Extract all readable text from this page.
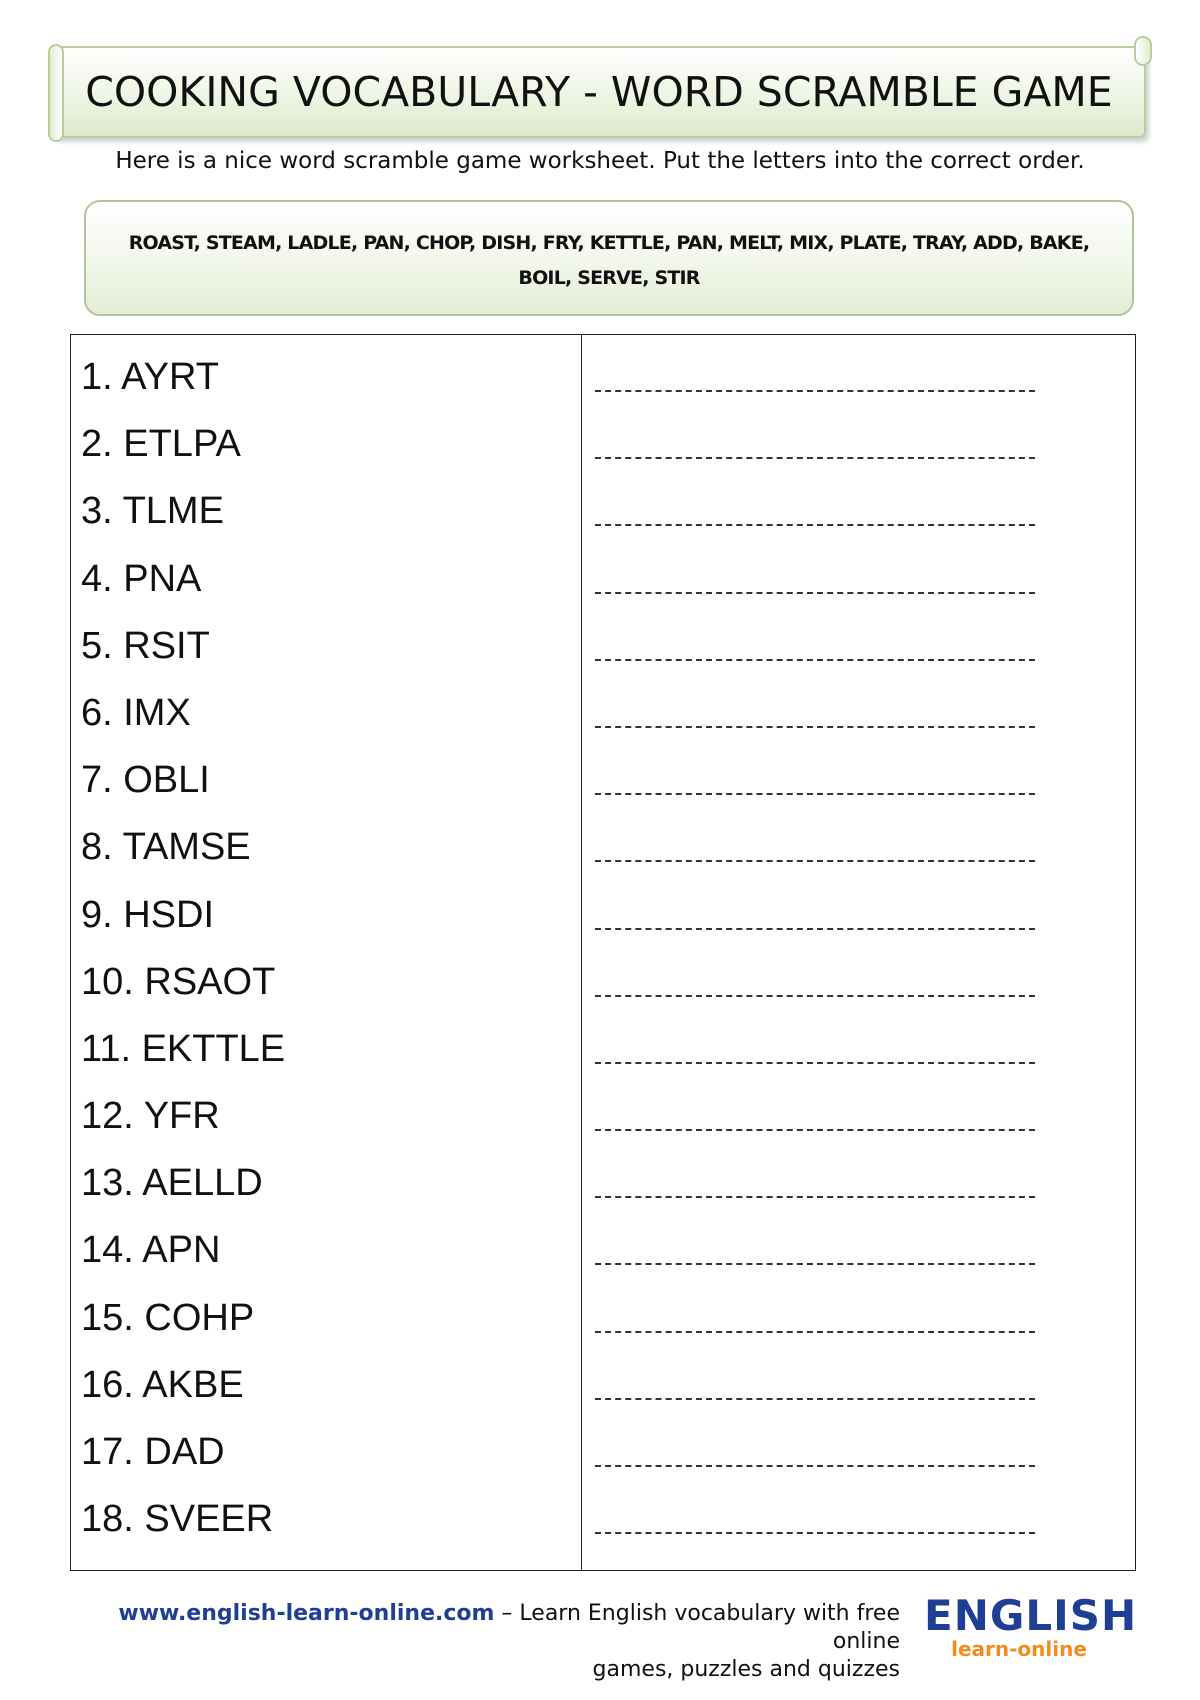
COOKING VOCABULARY - WORD SCRAMBLE GAME
Here is a nice word scramble game worksheet. Put the letters into the correct order.
ROAST, STEAM, LADLE, PAN, CHOP, DISH, FRY, KETTLE, PAN, MELT, MIX, PLATE, TRAY, ADD, BAKE, BOIL, SERVE, STIR
1. AYRT
2. ETLPA
3. TLME
4. PNA
5. RSIT
6. IMX
7. OBLI
8. TAMSE
9. HSDI
10. RSAOT
11. EKTTLE
12. YFR
13. AELLD
14. APN
15. COHP
16. AKBE
17. DAD
18. SVEER
www.english-learn-online.com – Learn English vocabulary with free online
games, puzzles and quizzes
ENGLISH
learn-online
